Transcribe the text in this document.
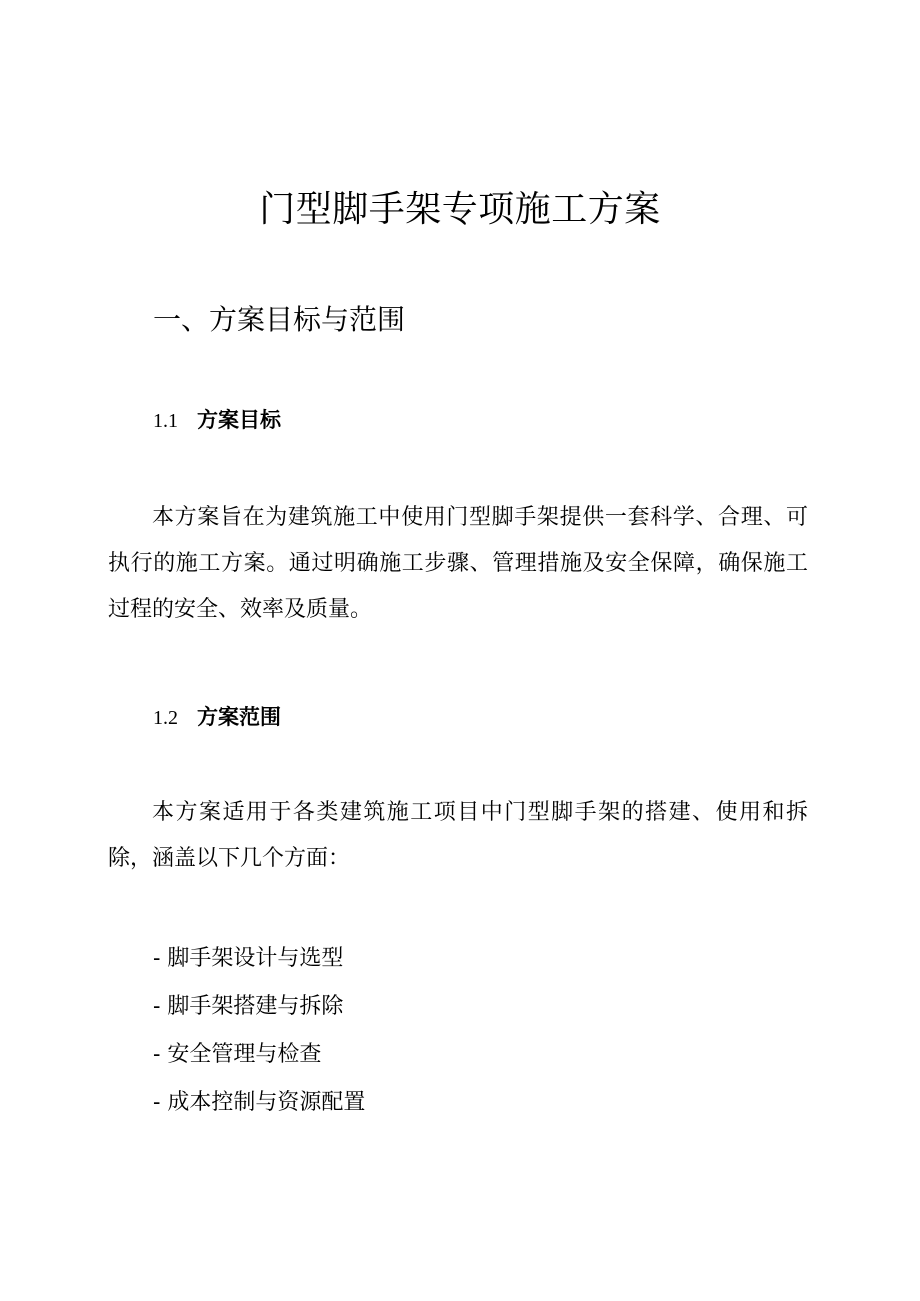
门型脚手架专项施工方案
一、方案目标与范围
1.1 方案目标
本方案旨在为建筑施工中使用门型脚手架提供一套科学、合理、可执行的施工方案。通过明确施工步骤、管理措施及安全保障，确保施工过程的安全、效率及质量。
1.2 方案范围
本方案适用于各类建筑施工项目中门型脚手架的搭建、使用和拆除，涵盖以下几个方面：
- 脚手架设计与选型
- 脚手架搭建与拆除
- 安全管理与检查
- 成本控制与资源配置
